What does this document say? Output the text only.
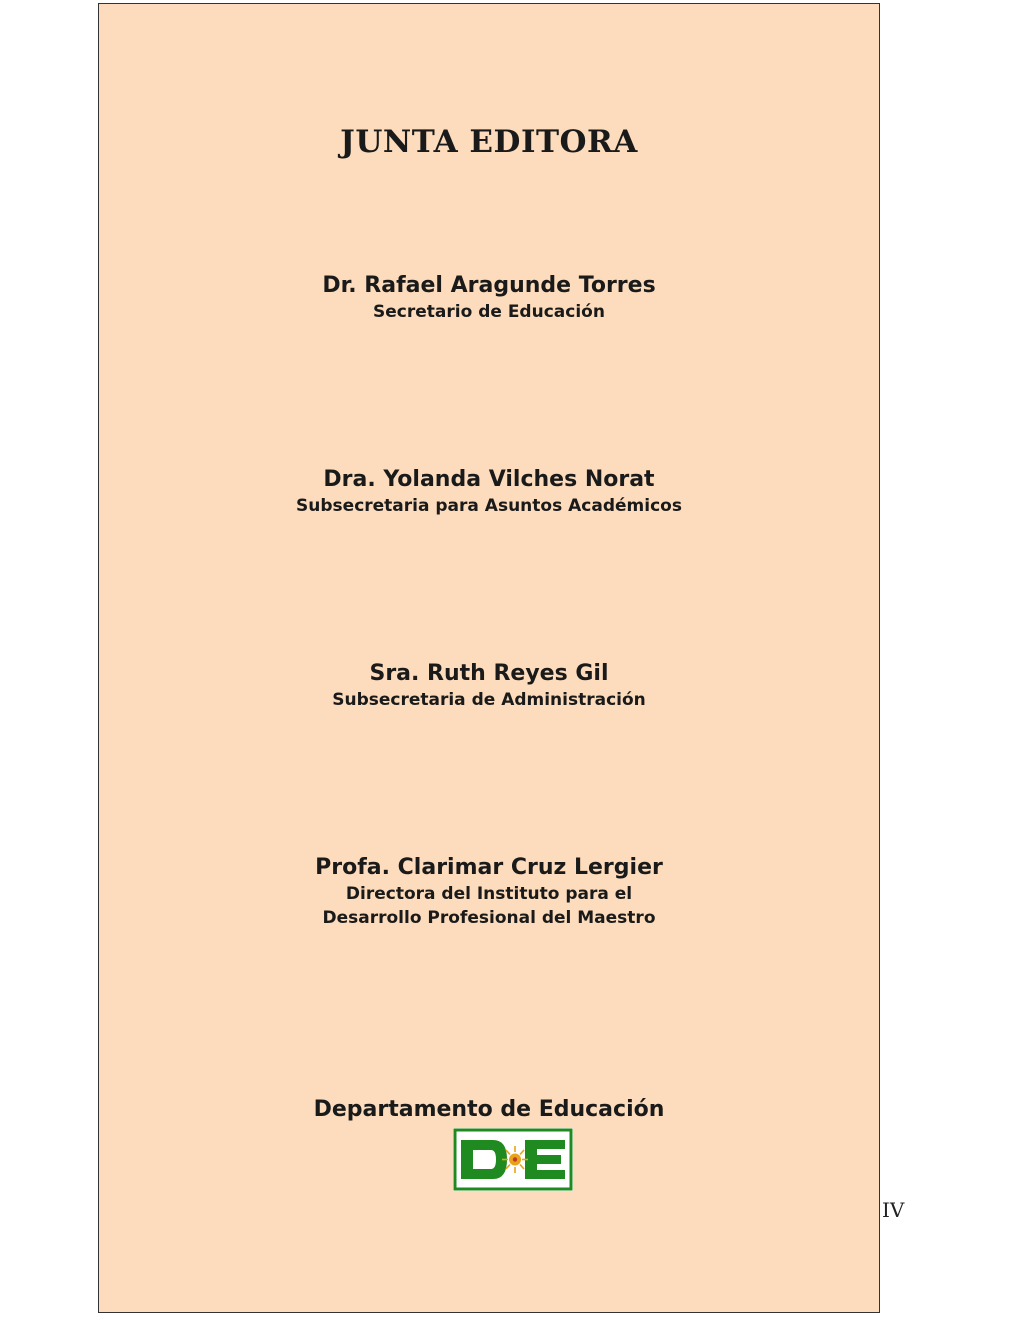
JUNTA EDITORA
Dr. Rafael Aragunde Torres
Secretario de Educación
Dra. Yolanda Vilches Norat
Subsecretaria para Asuntos Académicos
Sra. Ruth Reyes Gil
Subsecretaria de Administración
Profa. Clarimar Cruz Lergier
Directora del Instituto para el
Desarrollo Profesional del Maestro
Departamento de Educación
IV
